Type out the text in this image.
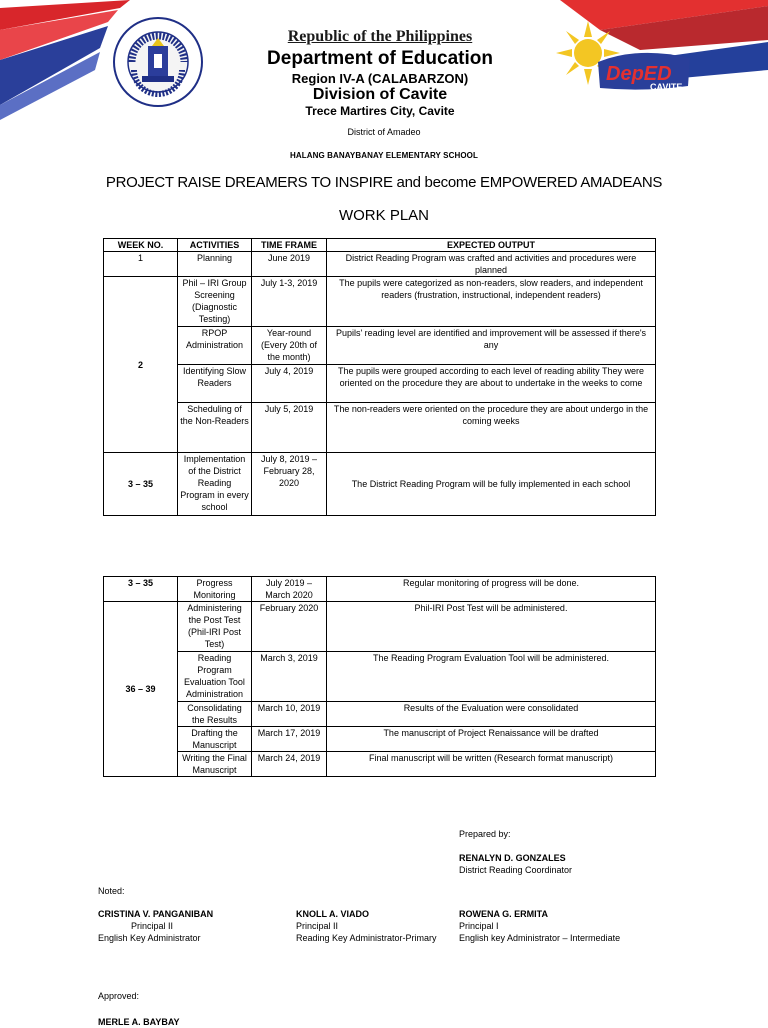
Republic of the Philippines
Department of Education
Region IV-A (CALABARZON)
Division of Cavite
Trece Martires City, Cavite
DepED
CAVITE
District of Amadeo
HALANG BANAYBANAY ELEMENTARY SCHOOL
PROJECT RAISE DREAMERS TO INSPIRE and become EMPOWERED AMADEANS
WORK PLAN
WEEK NO.	ACTIVITIES	TIME FRAME	EXPECTED OUTPUT
1	Planning	June 2019	District Reading Program was crafted and activities and procedures were planned
2	Phil – IRI Group Screening (Diagnostic Testing)	July 1-3, 2019	The pupils were categorized as non-readers, slow readers, and independent readers (frustration, instructional, independent readers)
	RPOP Administration	Year-round (Every 20th of the month)	Pupils' reading level are identified and improvement will be assessed if there's any
	Identifying Slow Readers	July 4, 2019	The pupils were grouped according to each level of reading ability They were oriented on the procedure they are about to undertake in the weeks to come
	Scheduling of the Non-Readers	July 5, 2019	The non-readers were oriented on the procedure they are about undergo in the coming weeks
3 – 35	Implementation of the District Reading Program in every school	July 8, 2019 – February 28, 2020	The District Reading Program will be fully implemented in each school
3 – 35	Progress Monitoring	July 2019 – March 2020	Regular monitoring of progress will be done.
36 – 39	Administering the Post Test (Phil-IRI Post Test)	February 2020	Phil-IRI Post Test will be administered.
	Reading Program Evaluation Tool Administration	March 3, 2019	The Reading Program Evaluation Tool will be administered.
	Consolidating the Results	March 10, 2019	Results of the Evaluation were consolidated
	Drafting the Manuscript	March 17, 2019	The manuscript of Project Renaissance will be drafted
	Writing the Final Manuscript	March 24, 2019	Final manuscript will be written (Research format manuscript)
Prepared by:
RENALYN D. GONZALES
District Reading Coordinator
Noted:
CRISTINA V. PANGANIBAN
Principal II
English Key Administrator
KNOLL A. VIADO
Principal II
Reading Key Administrator-Primary
ROWENA G. ERMITA
Principal I
English key Administrator – Intermediate
Approved:
MERLE A. BAYBAY
